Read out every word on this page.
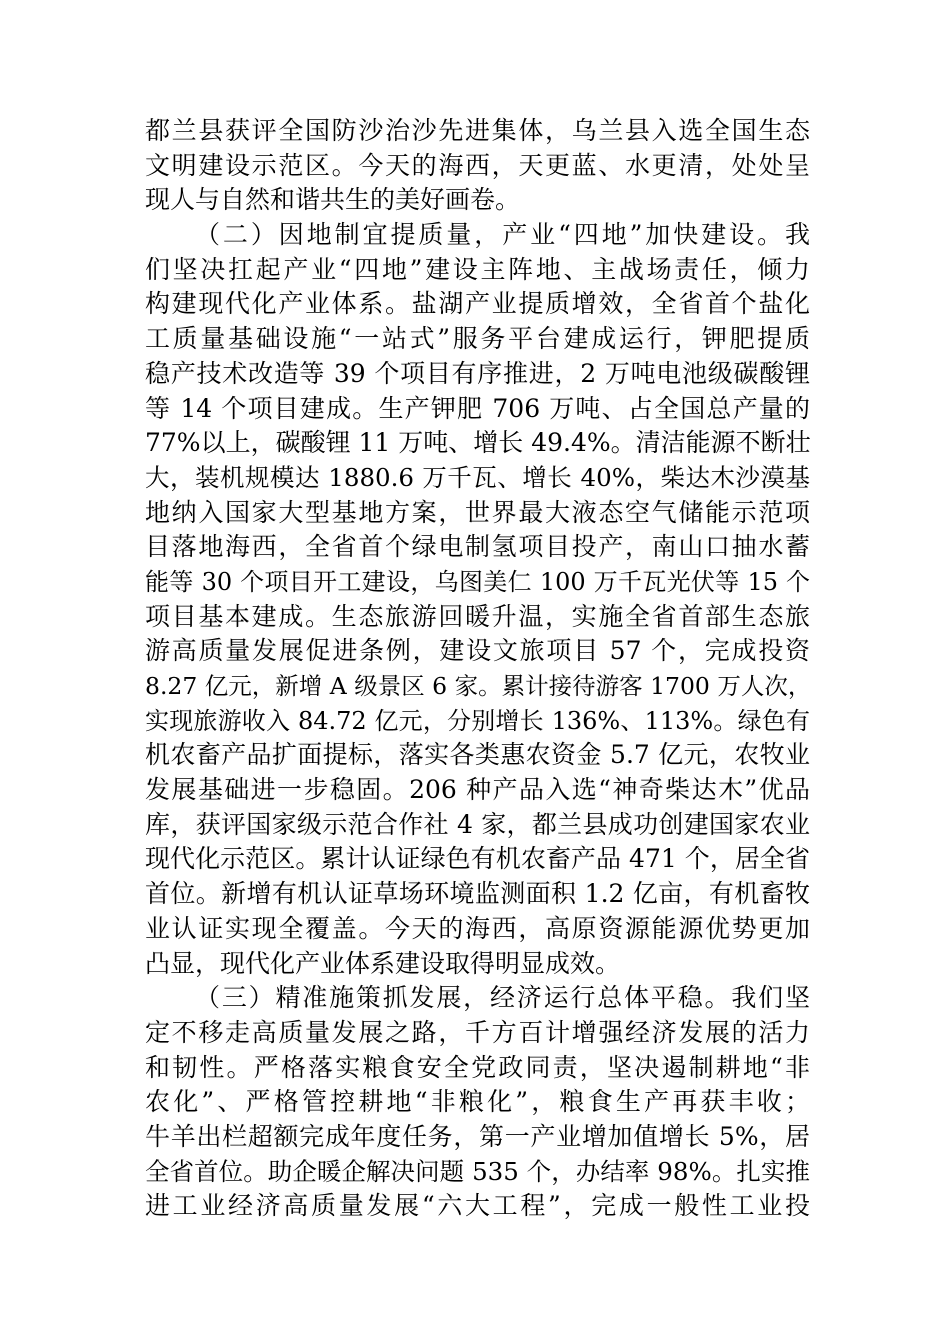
都兰县获评全国防沙治沙先进集体，乌兰县入选全国生态
文明建设示范区。今天的海西，天更蓝、水更清，处处呈
现人与自然和谐共生的美好画卷。
（二）因地制宜提质量，产业“四地”加快建设。我
们坚决扛起产业“四地”建设主阵地、主战场责任，倾力
构建现代化产业体系。盐湖产业提质增效，全省首个盐化
工质量基础设施“一站式”服务平台建成运行，钾肥提质
稳产技术改造等 39 个项目有序推进，2 万吨电池级碳酸锂
等 14 个项目建成。生产钾肥 706 万吨、占全国总产量的
77%以上，碳酸锂 11 万吨、增长 49.4%。清洁能源不断壮
大，装机规模达 1880.6 万千瓦、增长 40%，柴达木沙漠基
地纳入国家大型基地方案，世界最大液态空气储能示范项
目落地海西，全省首个绿电制氢项目投产，南山口抽水蓄
能等 30 个项目开工建设，乌图美仁 100 万千瓦光伏等 15 个
项目基本建成。生态旅游回暖升温，实施全省首部生态旅
游高质量发展促进条例，建设文旅项目 57 个，完成投资
8.27 亿元，新增 A 级景区 6 家。累计接待游客 1700 万人次，
实现旅游收入 84.72 亿元，分别增长 136%、113%。绿色有
机农畜产品扩面提标，落实各类惠农资金 5.7 亿元，农牧业
发展基础进一步稳固。206 种产品入选“神奇柴达木”优品
库，获评国家级示范合作社 4 家，都兰县成功创建国家农业
现代化示范区。累计认证绿色有机农畜产品 471 个，居全省
首位。新增有机认证草场环境监测面积 1.2 亿亩，有机畜牧
业认证实现全覆盖。今天的海西，高原资源能源优势更加
凸显，现代化产业体系建设取得明显成效。
（三）精准施策抓发展，经济运行总体平稳。我们坚
定不移走高质量发展之路，千方百计增强经济发展的活力
和韧性。严格落实粮食安全党政同责，坚决遏制耕地“非
农化”、严格管控耕地“非粮化”，粮食生产再获丰收；
牛羊出栏超额完成年度任务，第一产业增加值增长 5%，居
全省首位。助企暖企解决问题 535 个，办结率 98%。扎实推
进工业经济高质量发展“六大工程”，完成一般性工业投
